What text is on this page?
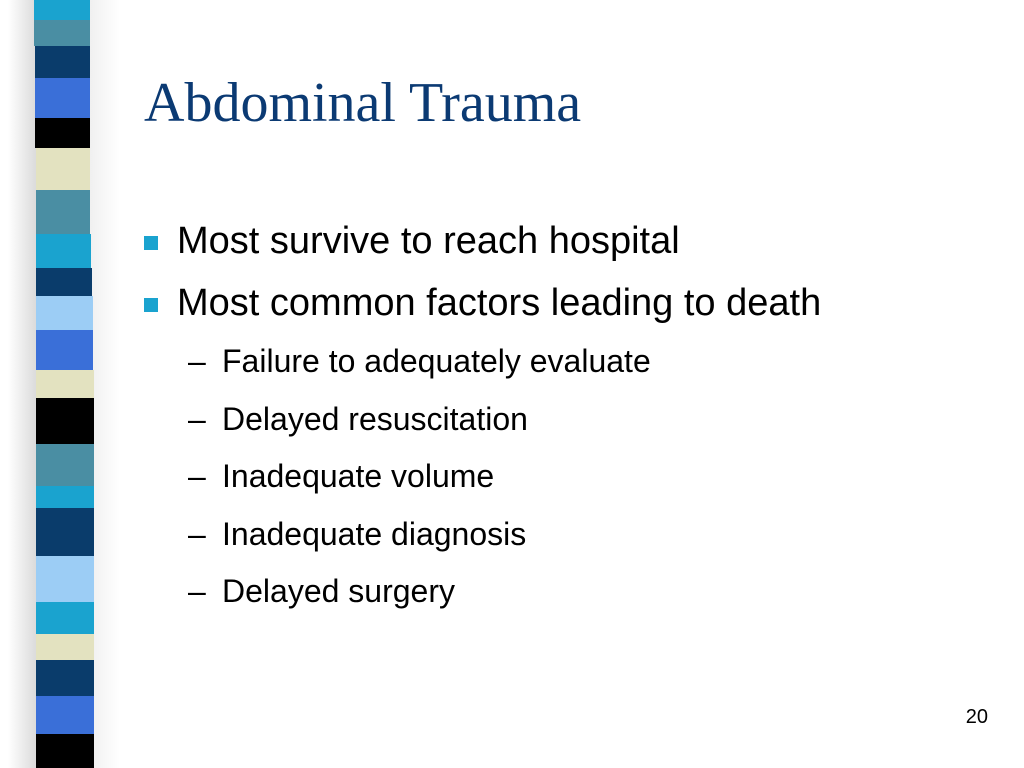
Abdominal Trauma
Most survive to reach hospital
Most common factors leading to death
– Failure to adequately evaluate
– Delayed resuscitation
– Inadequate volume
– Inadequate diagnosis
– Delayed surgery
20
